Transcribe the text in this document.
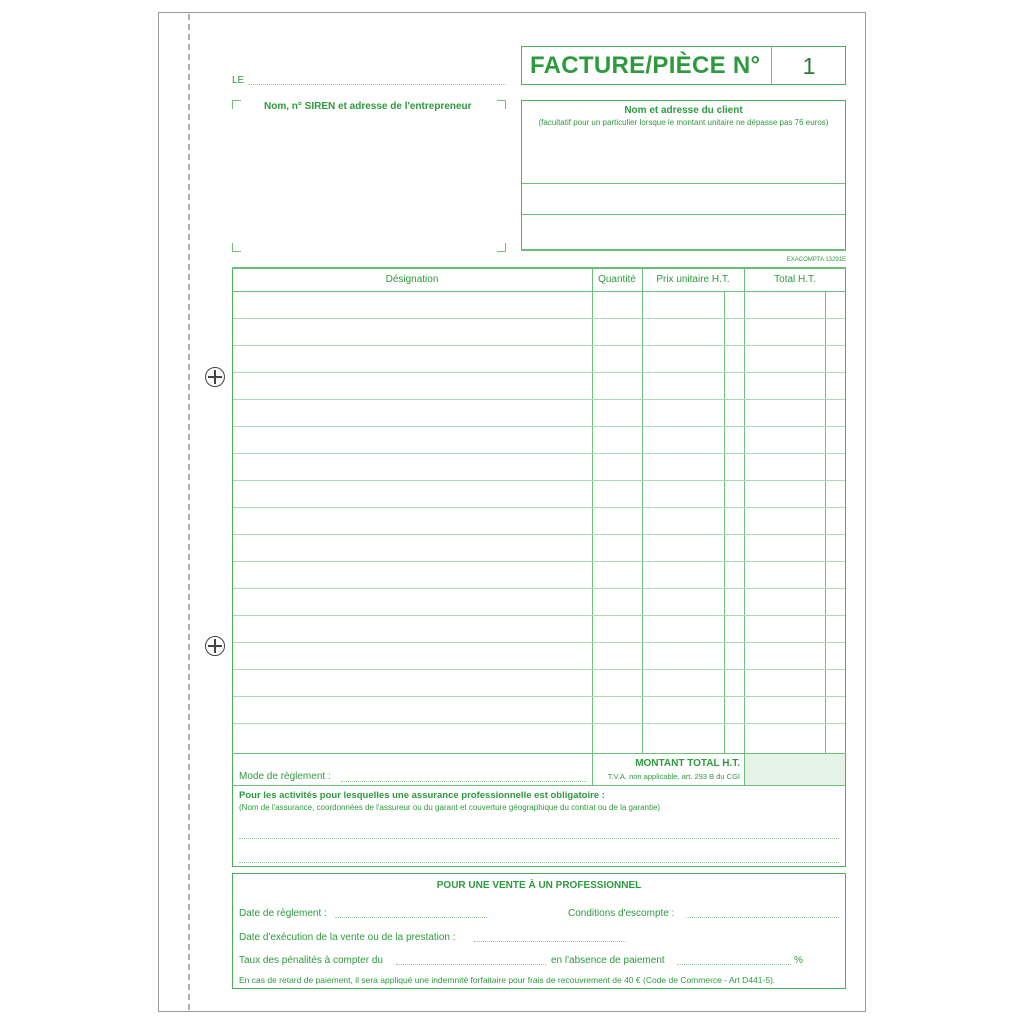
LE
FACTURE/PIÈCE N°	1
Nom, n° SIREN et adresse de l'entrepreneur	Nom et adresse du client
(facultatif pour un particulier lorsque le montant unitaire ne dépasse pas 76 euros)
EXACOMPTA 13291E
Désignation	Quantité	Prix unitaire H.T.	Total H.T.
MONTANT TOTAL H.T.
T.V.A. non applicable, art. 293 B du CGI
Mode de règlement :
Pour les activités pour lesquelles une assurance professionnelle est obligatoire :
(Nom de l'assurance, coordonnées de l'assureur ou du garant et couverture géographique du contrat ou de la garantie)
POUR UNE VENTE À UN PROFESSIONNEL
Date de règlement :	Conditions d'escompte :
Date d'exécution de la vente ou de la prestation :
Taux des pénalités à compter du	en l'absence de paiement	%
En cas de retard de paiement, il sera appliqué une indemnité forfaitaire pour frais de recouvrement de 40 € (Code de Commerce - Art D441-5).
